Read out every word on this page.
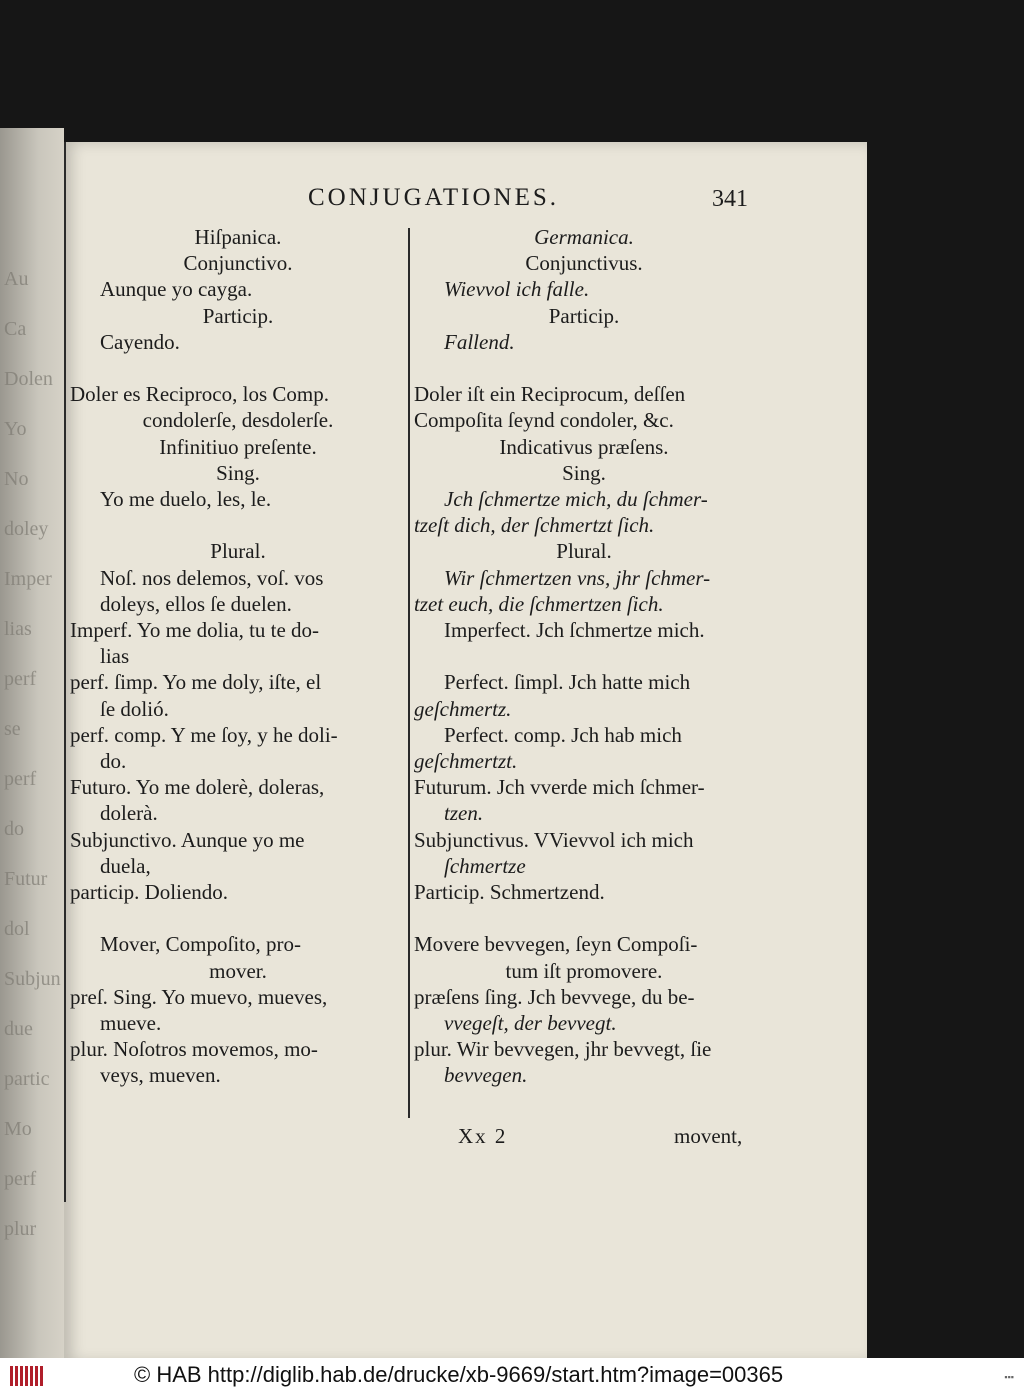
Au
Ca
Dolen
Yo
No
doley
Imper
lias
perf
se
perf
do
Futur
dol
Subjun
due
partic
Mo
perf
plur
CONJUGATIONES.	341
Hiſpanica.
Conjunctivo.
Aunque yo cayga.
Particip.
Cayendo.
Doler es Reciproco, los Comp.
condolerſe, desdolerſe.
Infinitiuo preſente.
Sing.
Yo me duelo, les, le.
Plural.
Noſ. nos delemos, voſ. vos
doleys, ellos ſe duelen.
Imperf. Yo me dolia, tu te do-
lias
perf. ſimp. Yo me doly, iſte, el
ſe dolió.
perf. comp. Y me ſoy, y he doli-
do.
Futuro. Yo me dolerè, doleras,
dolerà.
Subjunctivo. Aunque yo me
duela,
particip. Doliendo.
Mover, Compoſito, pro-
mover.
preſ. Sing. Yo muevo, mueves,
mueve.
plur. Noſotros movemos, mo-
veys, mueven.
Germanica.
Conjunctivus.
Wievvol ich falle.
Particip.
Fallend.
Doler iſt ein Reciprocum, deſſen
Compoſita ſeynd condoler, &c.
Indicativus præſens.
Sing.
Jch ſchmertze mich, du ſchmer-
tzeſt dich, der ſchmertzt ſich.
Plural.
Wir ſchmertzen vns, jhr ſchmer-
tzet euch, die ſchmertzen ſich.
Imperfect. Jch ſchmertze mich.
Perfect. ſimpl. Jch hatte mich
geſchmertz.
Perfect. comp. Jch hab mich
geſchmertzt.
Futurum. Jch vverde mich ſchmer-
tzen.
Subjunctivus. VVievvol ich mich
ſchmertze
Particip. Schmertzend.
Movere bevvegen, ſeyn Compoſi-
tum iſt promovere.
præſens ſing. Jch bevvege, du be-
vvegeſt, der bevvegt.
plur. Wir bevvegen, jhr bevvegt, ſie
bevvegen.
Xx 2	movent,
© HAB http://diglib.hab.de/drucke/xb-9669/start.htm?image=00365	▪▪▪
